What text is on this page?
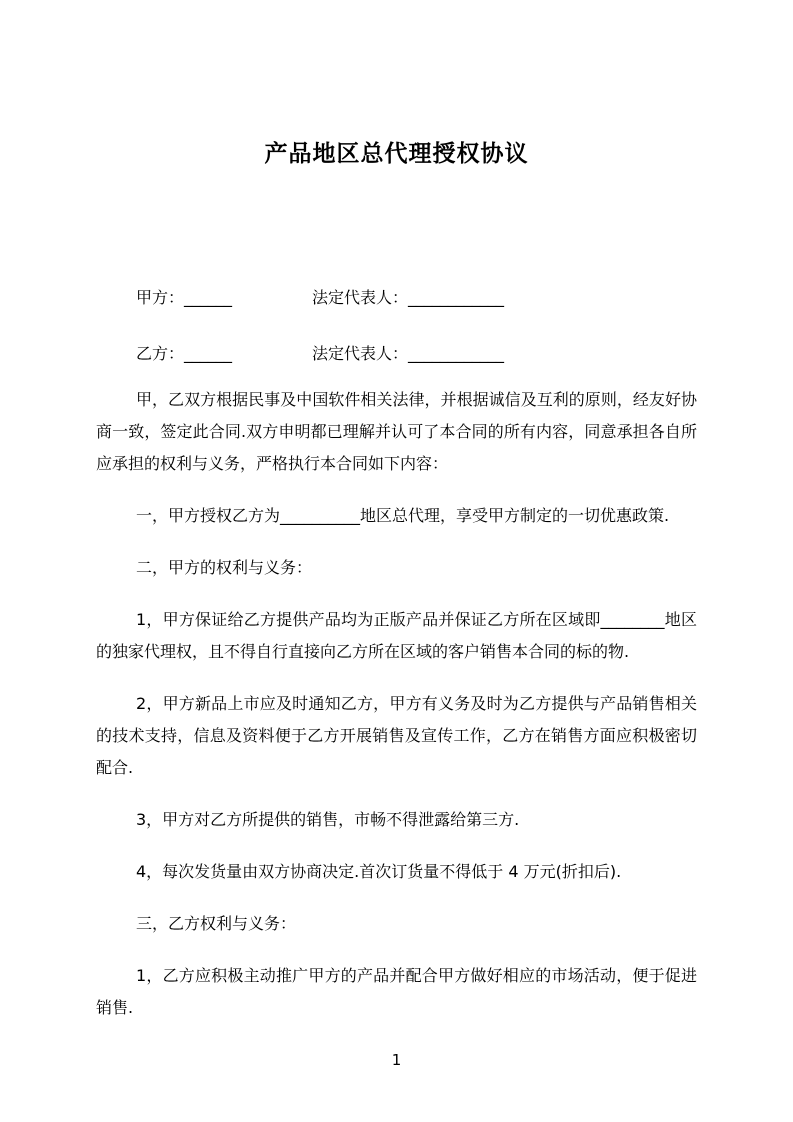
产品地区总代理授权协议
甲方：______	法定代表人：____________
乙方：______	法定代表人：____________

甲，乙双方根据民事及中国软件相关法律，并根据诚信及互利的原则，经友好协商一致，签定此合同.双方申明都已理解并认可了本合同的所有内容，同意承担各自所应承担的权利与义务，严格执行本合同如下内容：

一，甲方授权乙方为__________地区总代理，享受甲方制定的一切优惠政策.

二，甲方的权利与义务：

1，甲方保证给乙方提供产品均为正版产品并保证乙方所在区域即________地区的独家代理权，且不得自行直接向乙方所在区域的客户销售本合同的标的物.

2，甲方新品上市应及时通知乙方，甲方有义务及时为乙方提供与产品销售相关的技术支持，信息及资料便于乙方开展销售及宣传工作，乙方在销售方面应积极密切配合.

3，甲方对乙方所提供的销售，市畅不得泄露给第三方.

4，每次发货量由双方协商决定.首次订货量不得低于 4 万元(折扣后).

三，乙方权利与义务：

1，乙方应积极主动推广甲方的产品并配合甲方做好相应的市场活动，便于促进销售.

1
